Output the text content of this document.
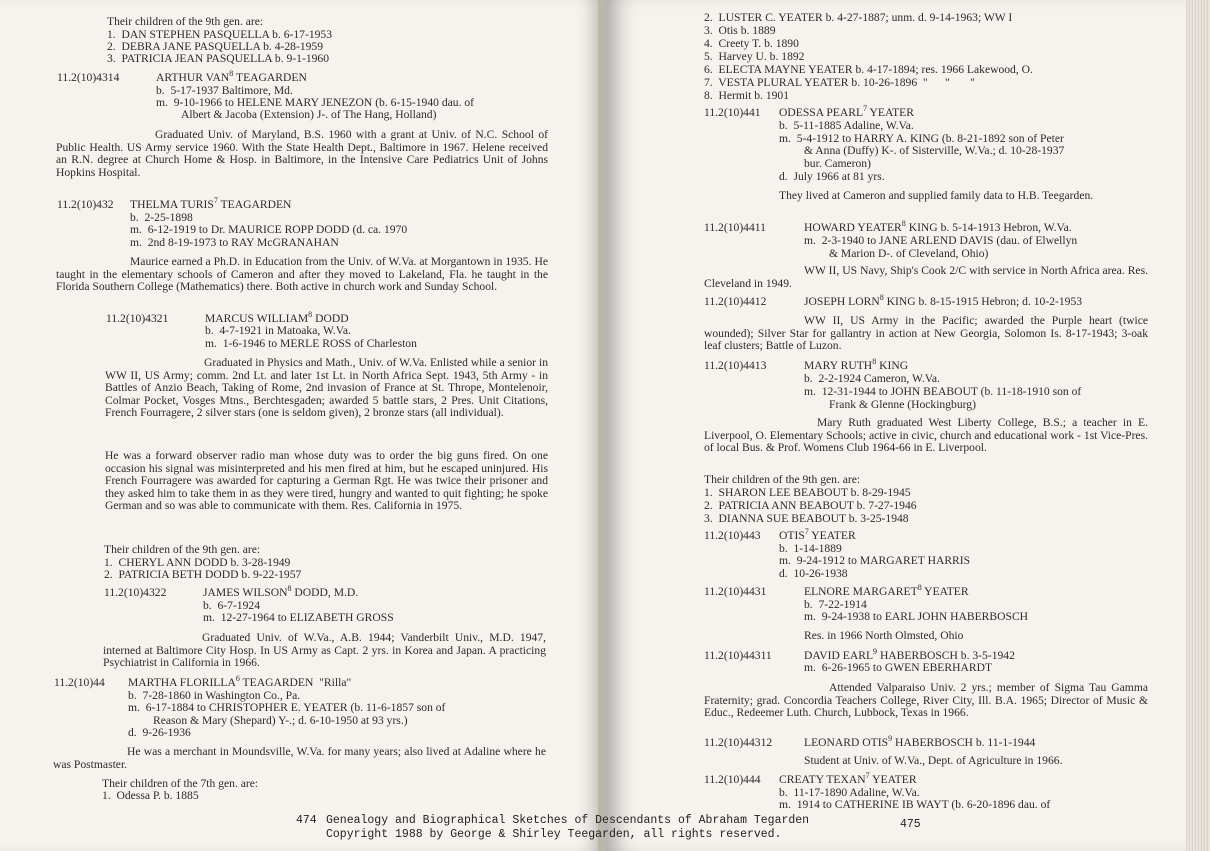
Their children of the 9th gen. are:
1.  DAN STEPHEN PASQUELLA b. 6-17-1953
2.  DEBRA JANE PASQUELLA b. 4-28-1959
3.  PATRICIA JEAN PASQUELLA b. 9-1-1960
11.2(10)4314	ARTHUR VAN$^8$ TEAGARDEN
b.  5-17-1937 Baltimore, Md.
m.  9-10-1966 to HELENE MARY JENEZON (b. 6-15-1940 dau. of
Albert & Jacoba (Extension) J-. of The Hang, Holland)
Graduated Univ. of Maryland, B.S. 1960 with a grant at Univ. of N.C. School of Public Health. US Army service 1960. With the State Health Dept., Baltimore in 1967. Helene received an R.N. degree at Church Home & Hosp. in Baltimore, in the Intensive Care Pediatrics Unit of Johns Hopkins Hospital.
11.2(10)432 THELMA TURIS$^7$ TEAGARDEN
b.  2-25-1898
m.  6-12-1919 to Dr. MAURICE ROPP DODD (d. ca. 1970
m.  2nd 8-19-1973 to RAY McGRANAHAN
Maurice earned a Ph.D. in Education from the Univ. of W.Va. at Morgantown in 1935. He taught in the elementary schools of Cameron and after they moved to Lakeland, Fla. he taught in the Florida Southern College (Mathematics) there. Both active in church work and Sunday School.
11.2(10)4321	MARCUS WILLIAM$^8$ DODD
b.  4-7-1921 in Matoaka, W.Va.
m.  1-6-1946 to MERLE ROSS of Charleston
Graduated in Physics and Math., Univ. of W.Va. Enlisted while a senior in WW II, US Army; comm. 2nd Lt. and later 1st Lt. in North Africa Sept. 1943, 5th Army - in Battles of Anzio Beach, Taking of Rome, 2nd invasion of France at St. Thrope, Montelenoir, Colmar Pocket, Vosges Mtns., Berchtesgaden; awarded 5 battle stars, 2 Pres. Unit Citations, French Fourragere, 2 silver stars (one is seldom given), 2 bronze stars (all individual).
He was a forward observer radio man whose duty was to order the big guns fired. On one occasion his signal was misinterpreted and his men fired at him, but he escaped uninjured. His French Fourragere was awarded for capturing a German Rgt. He was twice their prisoner and they asked him to take them in as they were tired, hungry and wanted to quit fighting; he spoke German and so was able to communicate with them. Res. California in 1975.
Their children of the 9th gen. are:
1.  CHERYL ANN DODD b. 3-28-1949
2.  PATRICIA BETH DODD b. 9-22-1957
11.2(10)4322	JAMES WILSON$^8$ DODD, M.D.
b.  6-7-1924
m.  12-27-1964 to ELIZABETH GROSS
Graduated Univ. of W.Va., A.B. 1944; Vanderbilt Univ., M.D. 1947, interned at Baltimore City Hosp. In US Army as Capt. 2 yrs. in Korea and Japan. A practicing Psychiatrist in California in 1966.
11.2(10)44 MARTHA FLORILLA$^6$ TEAGARDEN  "Rilla"
b.  7-28-1860 in Washington Co., Pa.
m.  6-17-1884 to CHRISTOPHER E. YEATER (b. 11-6-1857 son of
Reason & Mary (Shepard) Y-.; d. 6-10-1950 at 93 yrs.)
d.  9-26-1936
He was a merchant in Moundsville, W.Va. for many years; also lived at Adaline where he was Postmaster.
Their children of the 7th gen. are:
1.  Odessa P. b. 1885
2.  LUSTER C. YEATER b. 4-27-1887; unm. d. 9-14-1963; WW I
3.  Otis b. 1889
4.  Creety T. b. 1890
5.  Harvey U. b. 1892
6.  ELECTA MAYNE YEATER b. 4-17-1894; res. 1966 Lakewood, O.
7.  VESTA PLURAL YEATER b. 10-26-1896  "      "       "
8.  Hermit b. 1901
11.2(10)441 ODESSA PEARL$^7$ YEATER
b.  5-11-1885 Adaline, W.Va.
m.  5-4-1912 to HARRY A. KING (b. 8-21-1892 son of Peter
& Anna (Duffy) K-. of Sisterville, W.Va.; d. 10-28-1937
bur. Cameron)
d.  July 1966 at 81 yrs.
They lived at Cameron and supplied family data to H.B. Teegarden.
11.2(10)4411	HOWARD YEATER$^8$ KING b. 5-14-1913 Hebron, W.Va.
m.  2-3-1940 to JANE ARLEND DAVIS (dau. of Elwellyn
& Marion D-. of Cleveland, Ohio)
WW II, US Navy, Ship's Cook 2/C with service in North Africa area. Res. Cleveland in 1949.
11.2(10)4412	JOSEPH LORN$^8$ KING b. 8-15-1915 Hebron; d. 10-2-1953
WW II, US Army in the Pacific; awarded the Purple heart (twice wounded); Silver Star for gallantry in action at New Georgia, Solomon Is. 8-17-1943; 3-oak leaf clusters; Battle of Luzon.
11.2(10)4413	MARY RUTH$^8$ KING
b.  2-2-1924 Cameron, W.Va.
m.  12-31-1944 to JOHN BEABOUT (b. 11-18-1910 son of
Frank & Glenne (Hockingburg)
Mary Ruth graduated West Liberty College, B.S.; a teacher in E. Liverpool, O. Elementary Schools; active in civic, church and educational work - 1st Vice-Pres. of local Bus. & Prof. Womens Club 1964-66 in E. Liverpool.
Their children of the 9th gen. are:
1.  SHARON LEE BEABOUT b. 8-29-1945
2.  PATRICIA ANN BEABOUT b. 7-27-1946
3.  DIANNA SUE BEABOUT b. 3-25-1948
11.2(10)443 OTIS$^7$ YEATER
b.  1-14-1889
m.  9-24-1912 to MARGARET HARRIS
d.  10-26-1938
11.2(10)4431	ELNORE MARGARET$^8$ YEATER
b.  7-22-1914
m.  9-24-1938 to EARL JOHN HABERBOSCH
Res. in 1966 North Olmsted, Ohio
11.2(10)44311	DAVID EARL$^9$ HABERBOSCH b. 3-5-1942
m.  6-26-1965 to GWEN EBERHARDT
Attended Valparaiso Univ. 2 yrs.; member of Sigma Tau Gamma Fraternity; grad. Concordia Teachers College, River City, Ill. B.A. 1965; Director of Music & Educ., Redeemer Luth. Church, Lubbock, Texas in 1966.
11.2(10)44312	LEONARD OTIS$^9$ HABERBOSCH b. 11-1-1944
Student at Univ. of W.Va., Dept. of Agriculture in 1966.
11.2(10)444 CREATY TEXAN$^7$ YEATER
b.  11-17-1890 Adaline, W.Va.
m.  1914 to CATHERINE IB WAYT (b. 6-20-1896 dau. of
474 Genealogy and Biographical Sketches of Descendants of Abraham Tegarden	475
Copyright 1988 by George & Shirley Teegarden, all rights reserved.
